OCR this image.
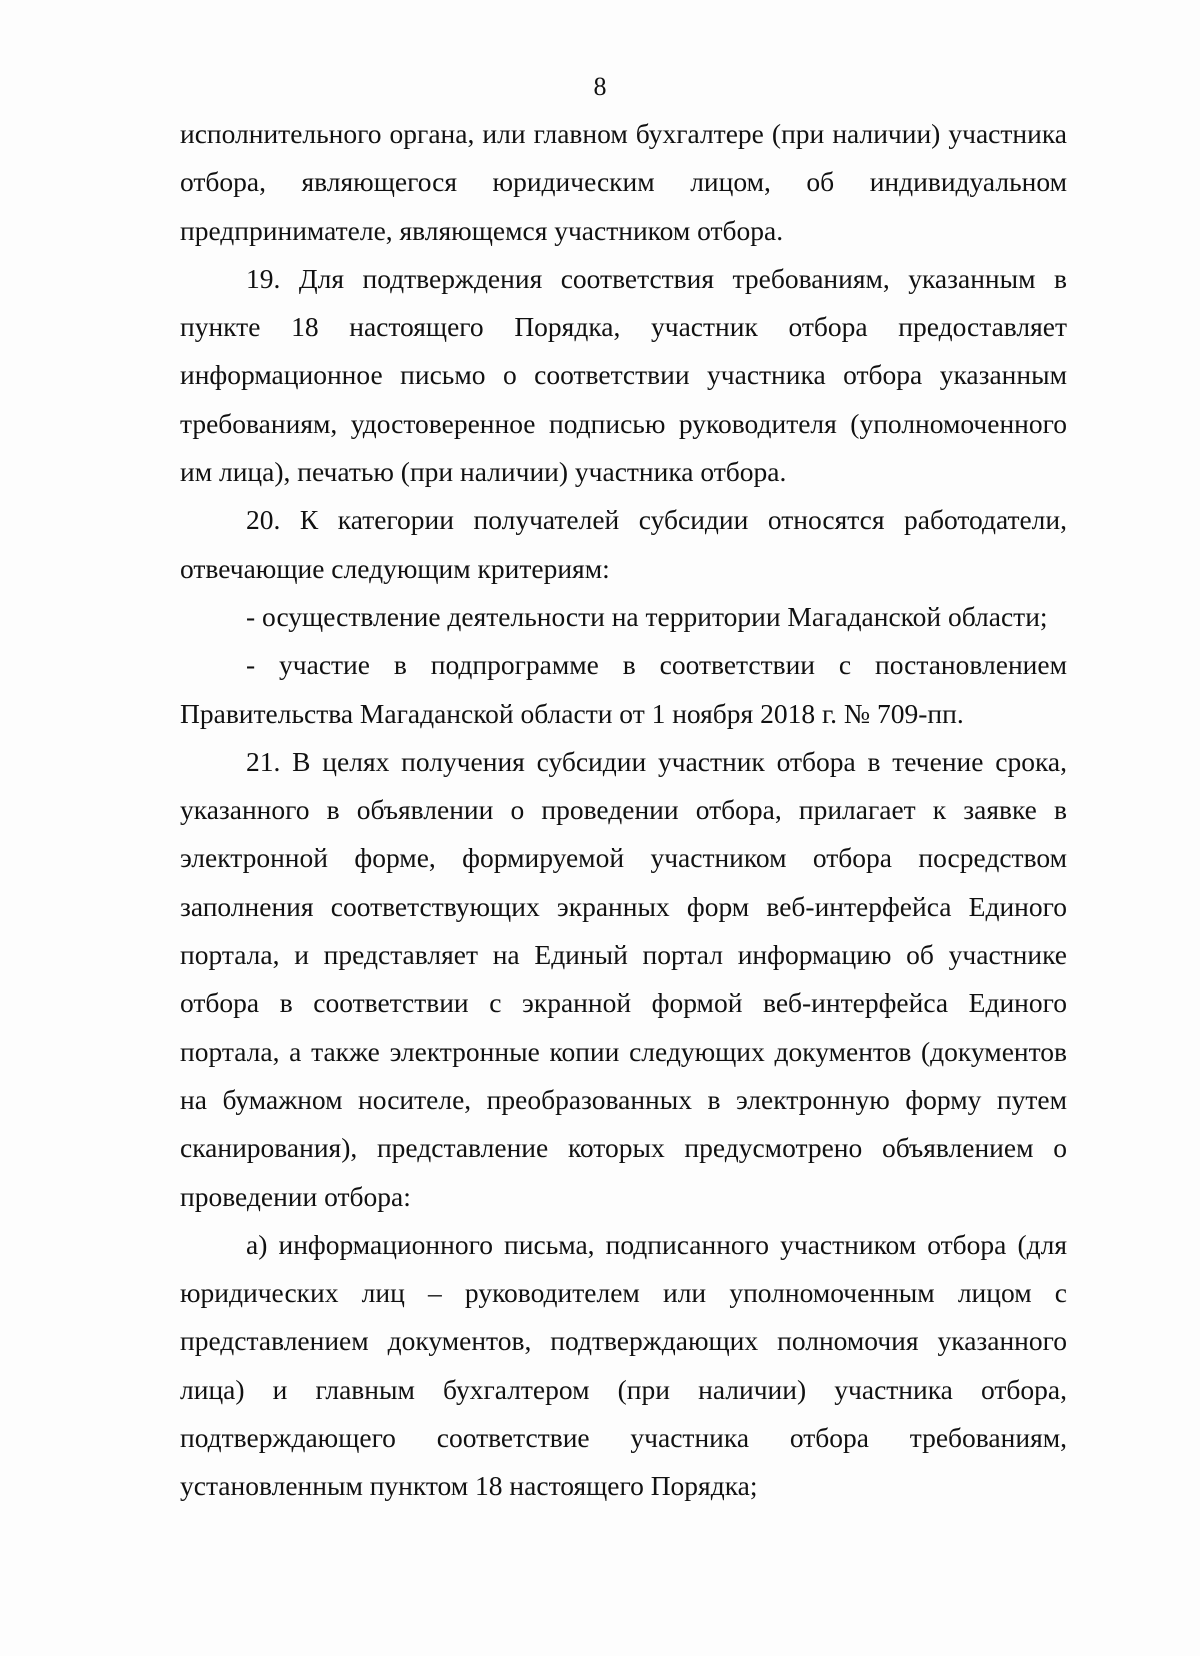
8

исполнительного органа, или главном бухгалтере (при наличии) участника отбора, являющегося юридическим лицом, об индивидуальном предпринимателе, являющемся участником отбора.

19. Для подтверждения соответствия требованиям, указанным в пункте 18 настоящего Порядка, участник отбора предоставляет информационное письмо о соответствии участника отбора указанным требованиям, удостоверенное подписью руководителя (уполномоченного им лица), печатью (при наличии) участника отбора.

20. К категории получателей субсидии относятся работодатели, отвечающие следующим критериям:

- осуществление деятельности на территории Магаданской области;

- участие в подпрограмме в соответствии с постановлением Правительства Магаданской области от 1 ноября 2018 г. № 709-пп.

21. В целях получения субсидии участник отбора в течение срока, указанного в объявлении о проведении отбора, прилагает к заявке в электронной форме, формируемой участником отбора посредством заполнения соответствующих экранных форм веб-интерфейса Единого портала, и представляет на Единый портал информацию об участнике отбора в соответствии с экранной формой веб-интерфейса Единого портала, а также электронные копии следующих документов (документов на бумажном носителе, преобразованных в электронную форму путем сканирования), представление которых предусмотрено объявлением о проведении отбора:

а) информационного письма, подписанного участником отбора (для юридических лиц – руководителем или уполномоченным лицом с представлением документов, подтверждающих полномочия указанного лица) и главным бухгалтером (при наличии) участника отбора, подтверждающего соответствие участника отбора требованиям, установленным пунктом 18 настоящего Порядка;
